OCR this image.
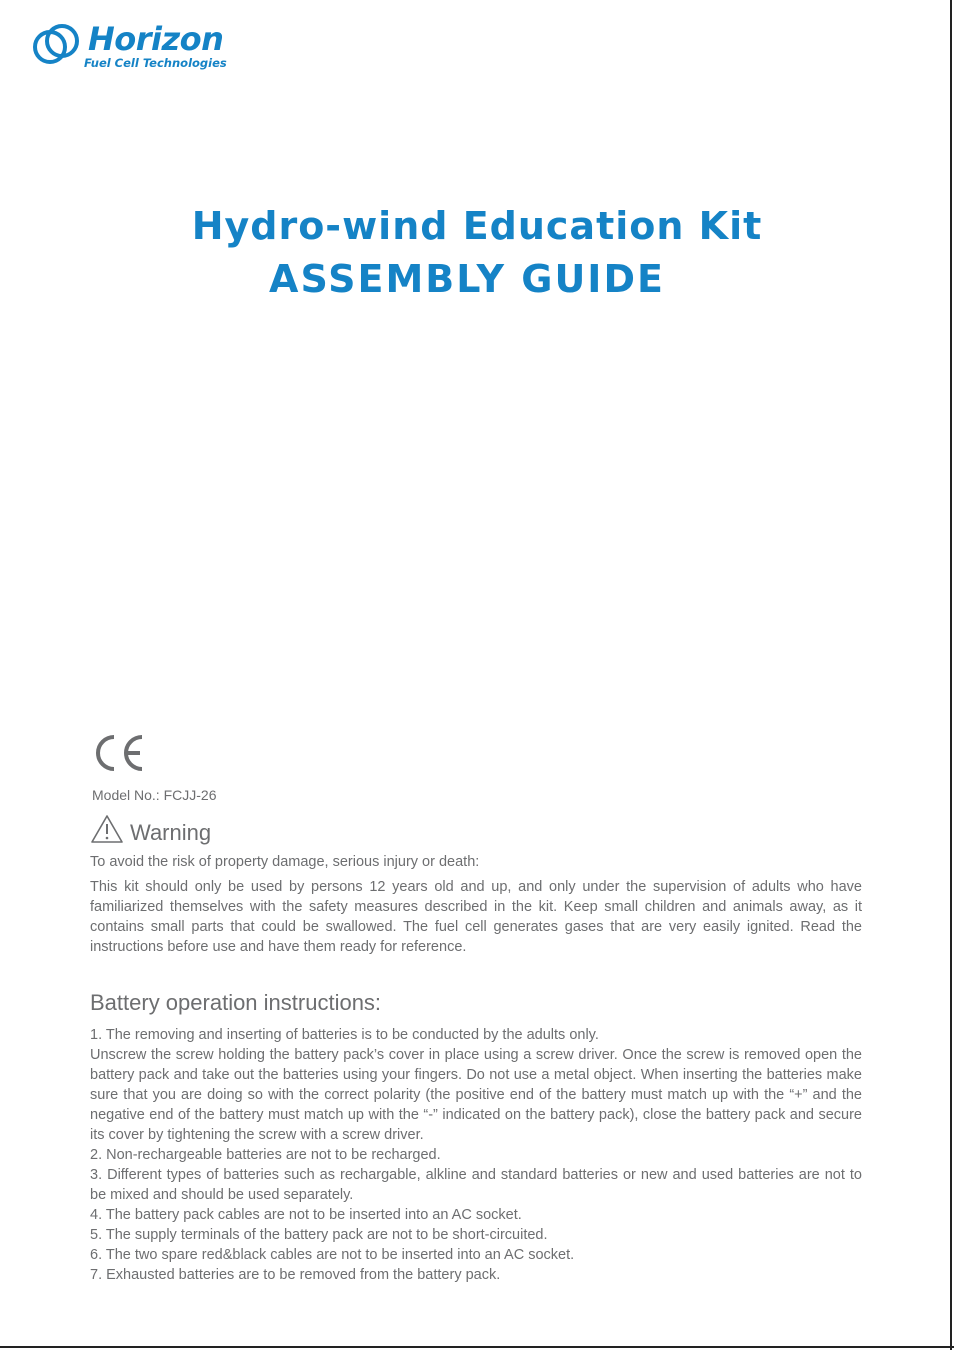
Horizon
Fuel Cell Technologies
Hydro-wind Education Kit
ASSEMBLY GUIDE
Model No.: FCJJ-26
Warning

To avoid the risk of property damage, serious injury or death:

This kit should only be used by persons 12 years old and up, and only under the supervision of adults who have familiarized themselves with the safety measures described in the kit. Keep small children and animals away, as it contains small parts that could be swallowed. The fuel cell generates gases that are very easily ignited. Read the instructions before use and have them ready for reference.

Battery operation instructions:

1. The removing and inserting of batteries is to be conducted by the adults only.

Unscrew the screw holding the battery pack’s cover in place using a screw driver. Once the screw is removed open the battery pack and take out the batteries using your fingers. Do not use a metal object. When inserting the batteries make sure that you are doing so with the correct polarity (the positive end of the battery must match up with the “+” and the negative end of the battery must match up with the “-” indicated on the battery pack), close the battery pack and secure its cover by tightening the screw with a screw driver.

2. Non-rechargeable batteries are not to be recharged.

3. Different types of batteries such as rechargable, alkline and standard batteries or new and used batteries are not to be mixed and should be used separately.

4. The battery pack cables are not to be inserted into an AC socket.

5. The supply terminals of the battery pack are not to be short-circuited.

6. The two spare red&black cables are not to be inserted into an AC socket.

7. Exhausted batteries are to be removed from the battery pack.
